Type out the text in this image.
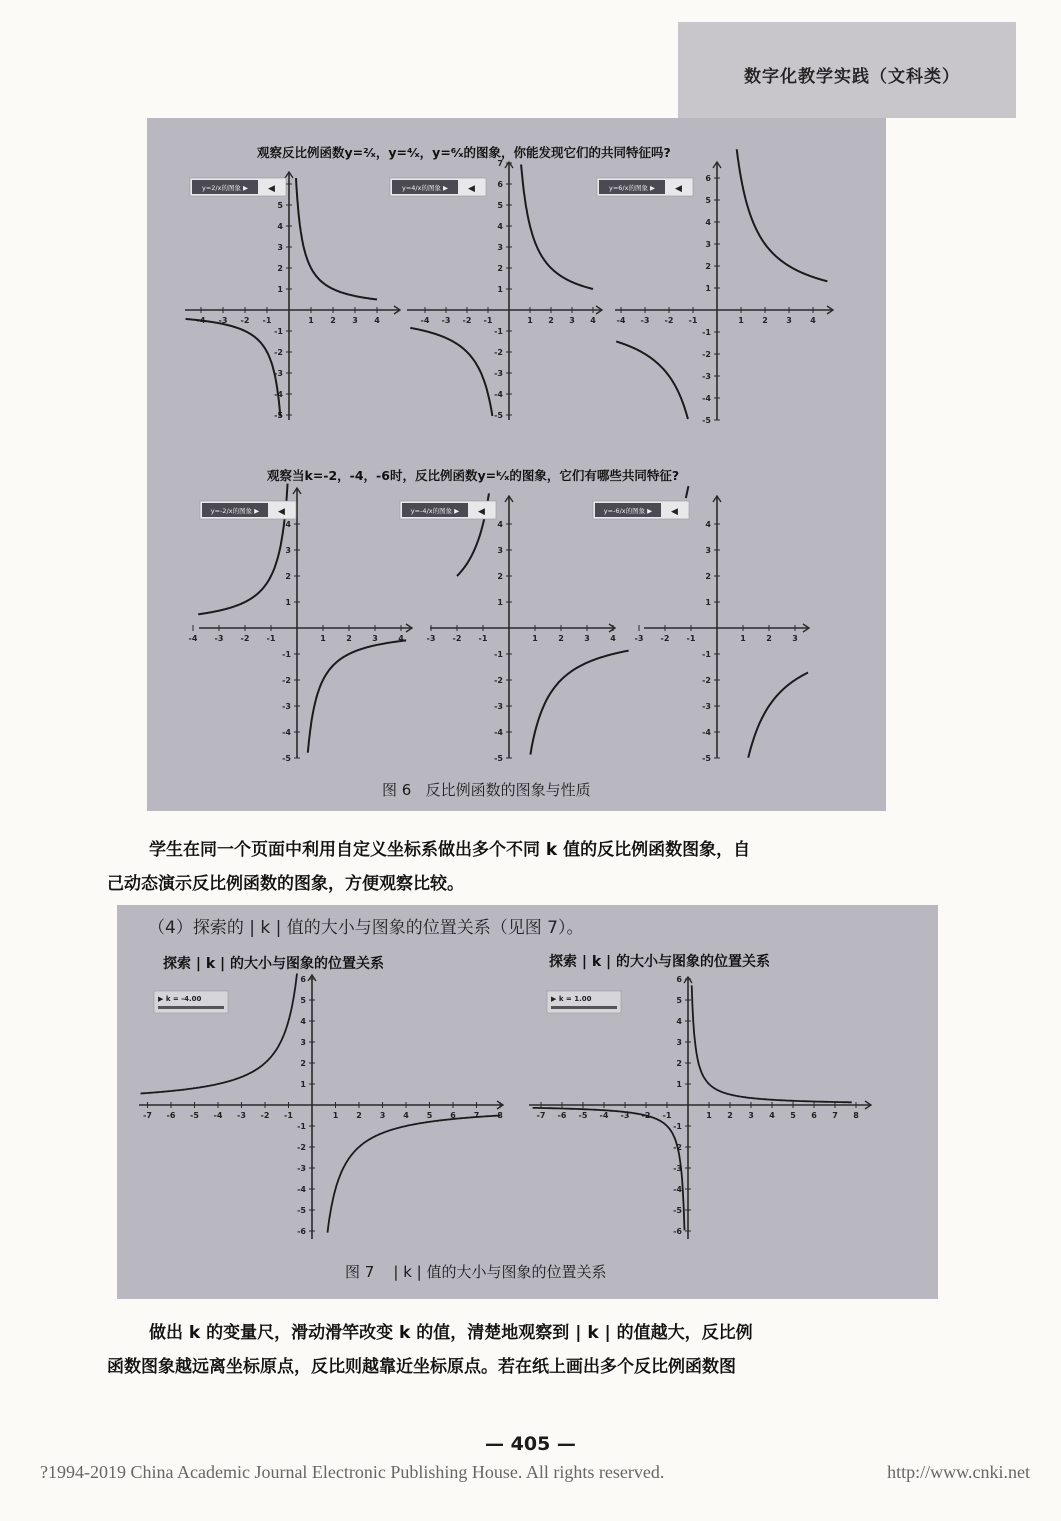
数字化教学实践（文科类）
观察反比例函数y=²⁄ₓ，y=⁴⁄ₓ，y=⁶⁄ₓ的图象，你能发现它们的共同特征吗?
观察当k=-2，-4，-6时，反比例函数y=ᵏ⁄ₓ的图象，它们有哪些共同特征?
-4 -3 -2 -1	1 2 3 4
-5
-4
-3
-2
-1
1
2
3
4
5
-4 -3 -2 -1	1 2 3 4
-5
-4
-3
-2
-1
1
2
3
4
5
6
7
-4 -3 -2 -1	1 2 3 4
-5
-4
-3
-2
-1
1
2
3
4
5
6
y=2/x的图象 ▶ ◀	y=4/x的图象 ▶ ◀	y=6/x的图象 ▶ ◀
-4 -3 -2 -1	1	2	3	4
-5
-4
-3
-2
-1
1
2
3
4
-3 -2 -1	1	2	3	4
-5
-4
-3
-2
-1
1
2
3
4
-3 -2 -1	1	2	3
-5
-4
-3
-2
-1
1
2
3
4
y=-2/x的图象 ▶ ◀	y=-4/x的图象 ▶ ◀	y=-6/x的图象 ▶ ◀
图 6   反比例函数的图象与性质
学生在同一个页面中利用自定义坐标系做出多个不同 k 值的反比例函数图象，自
己动态演示反比例函数的图象，方便观察比较。
探索 | k | 的大小与图象的位置关系	探索 | k | 的大小与图象的位置关系
▶ k = -4.00	▶ k = 1.00
-7 -6 -5 -4 -3 -2 -1	1 2 3 4 5 6 7 8
-6
-5
-4
-3
-2
-1
1
2
3
4
5
6
-7 -6 -5 -4 -3 -2 -1	1 2 3 4 5 6 7 8
-6
-5
-4
-3
-2
-1
1
2
3
4
5
6
图 7    | k | 值的大小与图象的位置关系
（4）探索的 | k | 值的大小与图象的位置关系（见图 7）。
做出 k 的变量尺，滑动滑竿改变 k 的值，清楚地观察到 | k | 的值越大，反比例
函数图象越远离坐标原点，反比则越靠近坐标原点。若在纸上画出多个反比例函数图
— 405 —
?1994-2019 China Academic Journal Electronic Publishing House. All rights reserved.	http://www.cnki.net
